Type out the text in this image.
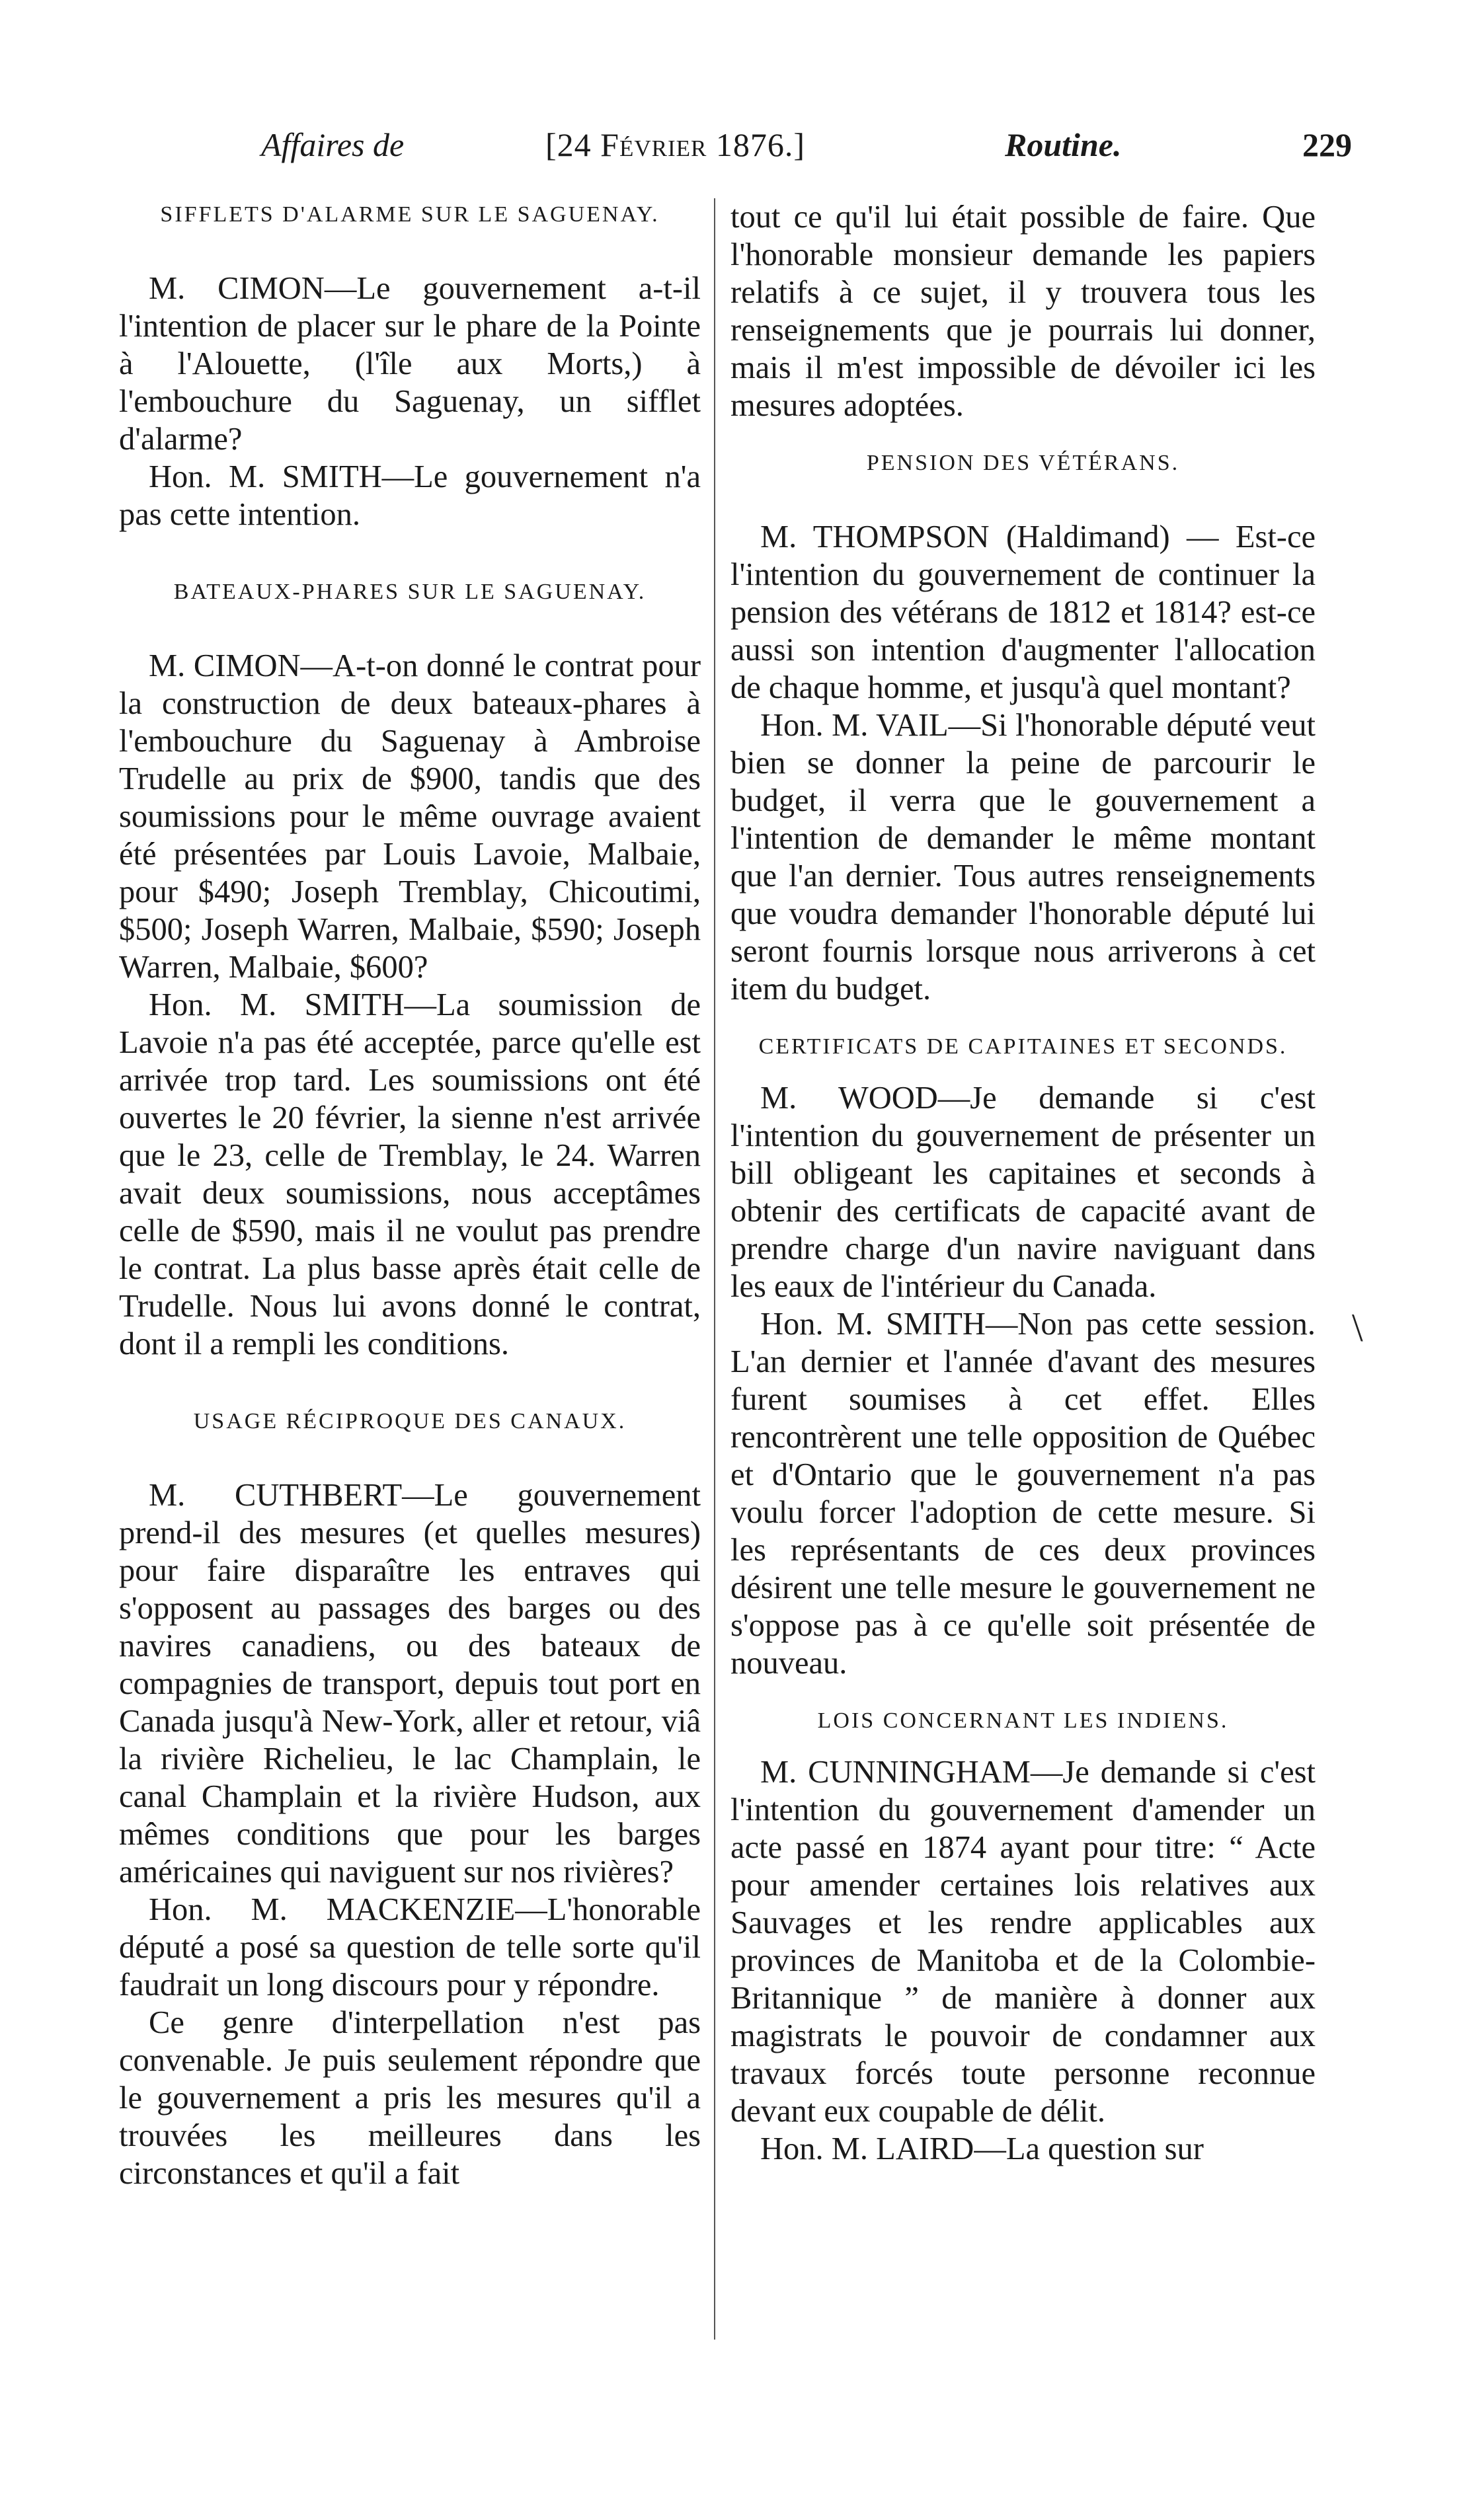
Affaires de	[24 Février 1876.]	Routine.	229
SIFFLETS D'ALARME SUR LE SAGUENAY.

M. CIMON—Le gouvernement a-t-il l'intention de placer sur le phare de la Pointe à l'Alouette, (l'île aux Morts,) à l'embouchure du Saguenay, un sifflet d'alarme?

Hon. M. SMITH—Le gouvernement n'a pas cette intention.

BATEAUX-PHARES SUR LE SAGUENAY.

M. CIMON—A-t-on donné le contrat pour la construction de deux bateaux-phares à l'embouchure du Saguenay à Ambroise Trudelle au prix de $900, tandis que des soumissions pour le même ouvrage avaient été présentées par Louis Lavoie, Malbaie, pour $490; Joseph Tremblay, Chicoutimi, $500; Joseph Warren, Malbaie, $590; Joseph Warren, Malbaie, $600?

Hon. M. SMITH—La soumission de Lavoie n'a pas été acceptée, parce qu'elle est arrivée trop tard. Les soumissions ont été ouvertes le 20 février, la sienne n'est arrivée que le 23, celle de Tremblay, le 24. Warren avait deux soumissions, nous acceptâmes celle de $590, mais il ne voulut pas prendre le contrat. La plus basse après était celle de Trudelle. Nous lui avons donné le contrat, dont il a rempli les conditions.

USAGE RÉCIPROQUE DES CANAUX.

M. CUTHBERT—Le gouvernement prend-il des mesures (et quelles mesures) pour faire disparaître les entraves qui s'opposent au passages des barges ou des navires canadiens, ou des bateaux de compagnies de transport, depuis tout port en Canada jusqu'à New-York, aller et retour, viâ la rivière Richelieu, le lac Champlain, le canal Champlain et la rivière Hudson, aux mêmes conditions que pour les barges américaines qui naviguent sur nos rivières?

Hon. M. MACKENZIE—L'honorable député a posé sa question de telle sorte qu'il faudrait un long discours pour y répondre.

Ce genre d'interpellation n'est pas convenable. Je puis seulement répondre que le gouvernement a pris les mesures qu'il a trouvées les meilleures dans les circonstances et qu'il a fait

tout ce qu'il lui était possible de faire. Que l'honorable monsieur demande les papiers relatifs à ce sujet, il y trouvera tous les renseignements que je pourrais lui donner, mais il m'est impossible de dévoiler ici les mesures adoptées.

PENSION DES VÉTÉRANS.

M. THOMPSON (Haldimand) — Est-ce l'intention du gouvernement de continuer la pension des vétérans de 1812 et 1814? est-ce aussi son intention d'augmenter l'allocation de chaque homme, et jusqu'à quel montant?

Hon. M. VAIL—Si l'honorable député veut bien se donner la peine de parcourir le budget, il verra que le gouvernement a l'intention de demander le même montant que l'an dernier. Tous autres renseignements que voudra demander l'honorable député lui seront fournis lorsque nous arriverons à cet item du budget.

CERTIFICATS DE CAPITAINES ET SECONDS.

M. WOOD—Je demande si c'est l'intention du gouvernement de présenter un bill obligeant les capitaines et seconds à obtenir des certificats de capacité avant de prendre charge d'un navire naviguant dans les eaux de l'intérieur du Canada.

Hon. M. SMITH—Non pas cette session. L'an dernier et l'année d'avant des mesures furent soumises à cet effet. Elles rencontrèrent une telle opposition de Québec et d'Ontario que le gouvernement n'a pas voulu forcer l'adoption de cette mesure. Si les représentants de ces deux provinces désirent une telle mesure le gouvernement ne s'oppose pas à ce qu'elle soit présentée de nouveau.

LOIS CONCERNANT LES INDIENS.

M. CUNNINGHAM—Je demande si c'est l'intention du gouvernement d'amender un acte passé en 1874 ayant pour titre: “ Acte pour amender certaines lois relatives aux Sauvages et les rendre applicables aux provinces de Manitoba et de la Colombie-Britannique ” de manière à donner aux magistrats le pouvoir de condamner aux travaux forcés toute personne reconnue devant eux coupable de délit.

Hon. M. LAIRD—La question sur

\
